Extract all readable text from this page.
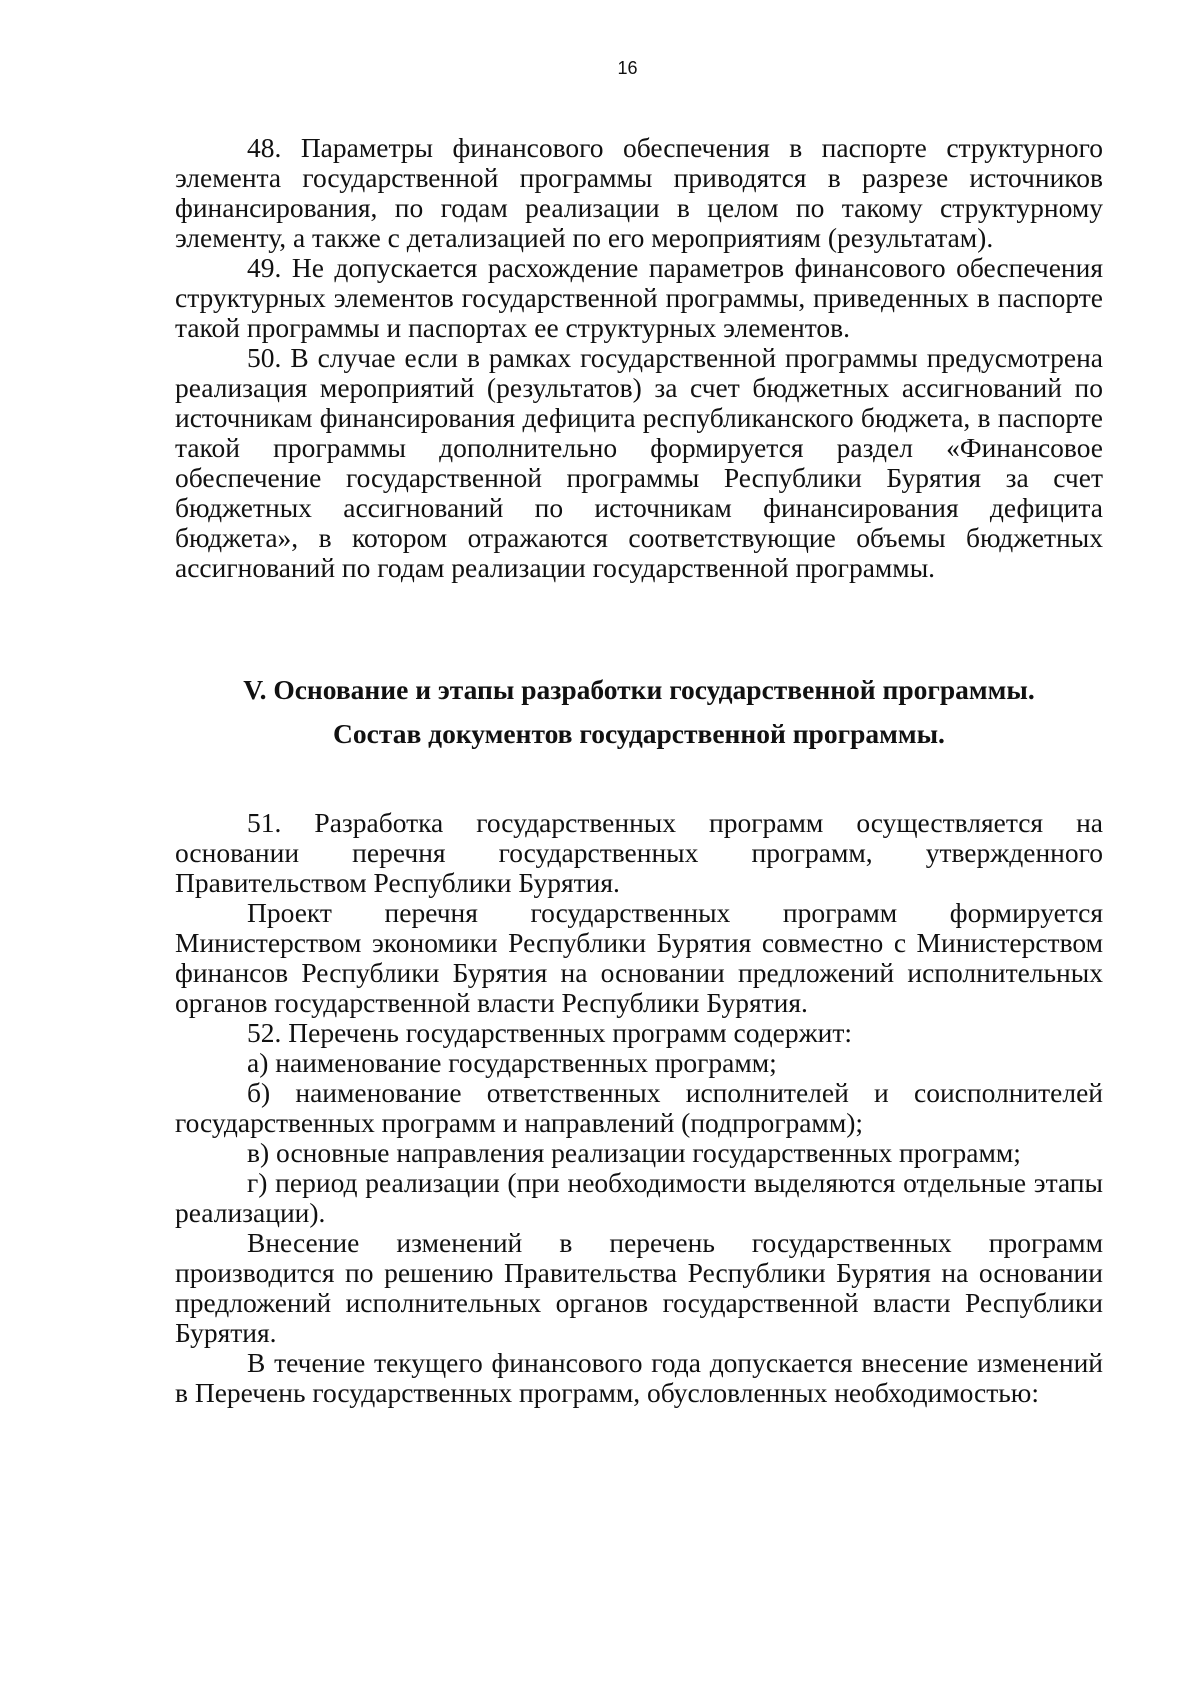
16

48. Параметры финансового обеспечения в паспорте структурного элемента государственной программы приводятся в разрезе источников финансирования, по годам реализации в целом по такому структурному элементу, а также с детализацией по его мероприятиям (результатам).

49. Не допускается расхождение параметров финансового обеспечения структурных элементов государственной программы, приведенных в паспорте такой программы и паспортах ее структурных элементов.

50. В случае если в рамках государственной программы предусмотрена реализация мероприятий (результатов) за счет бюджетных ассигнований по источникам финансирования дефицита республиканского бюджета, в паспорте такой программы дополнительно формируется раздел «Финансовое обеспечение государственной программы Республики Бурятия за счет бюджетных ассигнований по источникам финансирования дефицита бюджета», в котором отражаются соответствующие объемы бюджетных ассигнований по годам реализации государственной программы.

V. Основание и этапы разработки государственной программы.

Состав документов государственной программы.

51. Разработка государственных программ осуществляется на основании перечня государственных программ, утвержденного Правительством Республики Бурятия.

Проект перечня государственных программ формируется Министерством экономики Республики Бурятия совместно с Министерством финансов Республики Бурятия на основании предложений исполнительных органов государственной власти Республики Бурятия.

52. Перечень государственных программ содержит:

а) наименование государственных программ;

б) наименование ответственных исполнителей и соисполнителей государственных программ и направлений (подпрограмм);

в) основные направления реализации государственных программ;

г) период реализации (при необходимости выделяются отдельные этапы реализации).

Внесение изменений в перечень государственных программ производится по решению Правительства Республики Бурятия на основании предложений исполнительных органов государственной власти Республики Бурятия.

В течение текущего финансового года допускается внесение изменений в Перечень государственных программ, обусловленных необходимостью:
